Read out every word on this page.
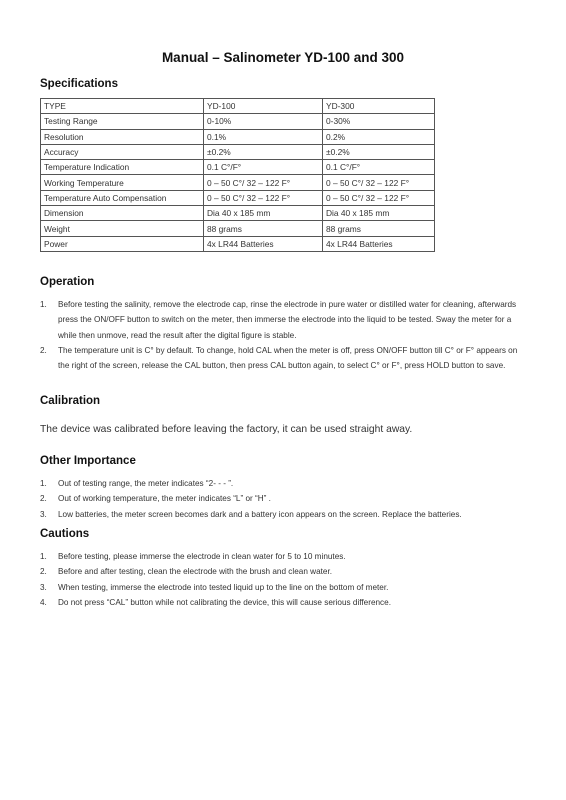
Manual – Salinometer YD-100 and 300
Specifications
TYPE	YD-100	YD-300
Testing Range	0-10%	0-30%
Resolution	0.1%	0.2%
Accuracy	±0.2%	±0.2%
Temperature Indication	0.1 C°/F°	0.1 C°/F°
Working Temperature	0 – 50 C°/ 32 – 122 F°	0 – 50 C°/ 32 – 122 F°
Temperature Auto Compensation	0 – 50 C°/ 32 – 122 F°	0 – 50 C°/ 32 – 122 F°
Dimension	Dia 40 x 185 mm	Dia 40 x 185 mm
Weight	88 grams	88 grams
Power	4x LR44 Batteries	4x LR44 Batteries
Operation
1. Before testing the salinity, remove the electrode cap, rinse the electrode in pure water or distilled water for cleaning, afterwards press the ON/OFF button to switch on the meter, then immerse the electrode into the liquid to be tested. Sway the meter for a while then unmove, read the result after the digital figure is stable.
2. The temperature unit is C° by default. To change, hold CAL when the meter is off, press ON/OFF button till C° or F° appears on the right of the screen, release the CAL button, then press CAL button again, to select C° or F°, press HOLD button to save.
Calibration

The device was calibrated before leaving the factory, it can be used straight away.

Other Importance
1. Out of testing range, the meter indicates “2- - - ”.
2. Out of working temperature, the meter indicates “L” or “H” .
3. Low batteries, the meter screen becomes dark and a battery icon appears on the screen. Replace the batteries.
Cautions
1. Before testing, please immerse the electrode in clean water for 5 to 10 minutes.
2. Before and after testing, clean the electrode with the brush and clean water.
3. When testing, immerse the electrode into tested liquid up to the line on the bottom of meter.
4. Do not press “CAL” button while not calibrating the device, this will cause serious difference.
